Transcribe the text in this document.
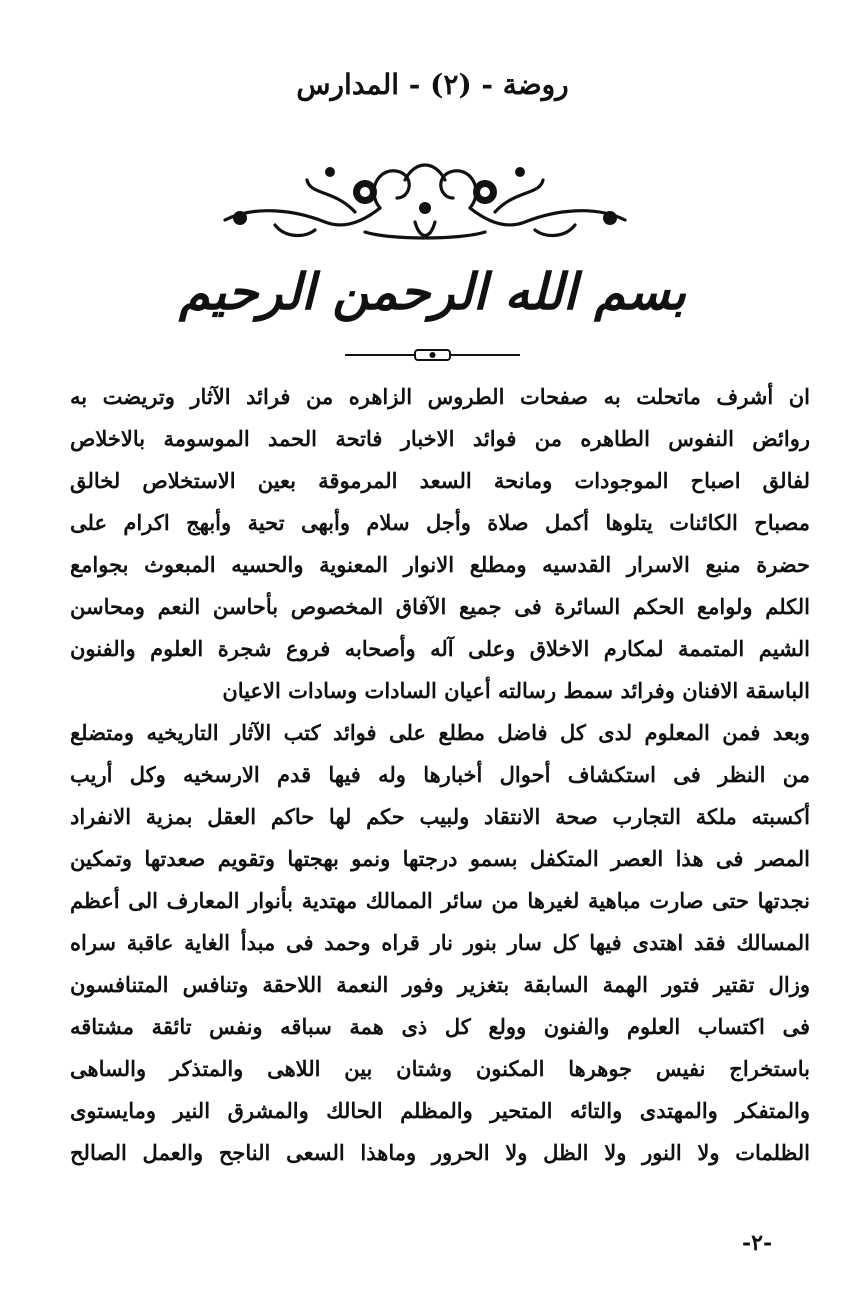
روضة - (٢) - المدارس
بسم الله الرحمن الرحيم
ان أشرف ماتحلت به صفحات الطروس الزاهره من فرائد الآثار وتريضت به
روائض النفوس الطاهره من فوائد الاخبار فاتحة الحمد الموسومة بالاخلاص
لفالق اصباح الموجودات ومانحة السعد المرموقة بعين الاستخلاص لخالق
مصباح الكائنات يتلوها أكمل صلاة وأجل سلام وأبهى تحية وأبهج اكرام على
حضرة منبع الاسرار القدسيه ومطلع الانوار المعنوية والحسيه المبعوث بجوامع
الكلم ولوامع الحكم السائرة فى جميع الآفاق المخصوص بأحاسن النعم ومحاسن
الشيم المتممة لمكارم الاخلاق وعلى آله وأصحابه فروع شجرة العلوم والفنون
الباسقة الافنان وفرائد سمط رسالته أعيان السادات وسادات الاعيان
وبعد فمن المعلوم لدى كل فاضل مطلع على فوائد كتب الآثار التاريخيه ومتضلع
من النظر فى استكشاف أحوال أخبارها وله فيها قدم الارسخيه وكل أريب
أكسبته ملكة التجارب صحة الانتقاد ولبيب حكم لها حاكم العقل بمزية الانفراد
المصر فى هذا العصر المتكفل بسمو درجتها ونمو بهجتها وتقويم صعدتها وتمكين
نجدتها حتى صارت مباهية لغيرها من سائر الممالك مهتدية بأنوار المعارف الى أعظم
المسالك فقد اهتدى فيها كل سار بنور نار قراه وحمد فى مبدأ الغاية عاقبة سراه
وزال تقتير فتور الهمة السابقة بتغزير وفور النعمة اللاحقة وتنافس المتنافسون
فى اكتساب العلوم والفنون وولع كل ذى همة سباقه ونفس تائقة مشتاقه
باستخراج نفيس جوهرها المكنون وشتان بين اللاهى والمتذكر والساهى
والمتفكر والمهتدى والتائه المتحير والمظلم الحالك والمشرق النير ومايستوى
الظلمات ولا النور ولا الظل ولا الحرور وماهذا السعى الناجح والعمل الصالح
-٢-
